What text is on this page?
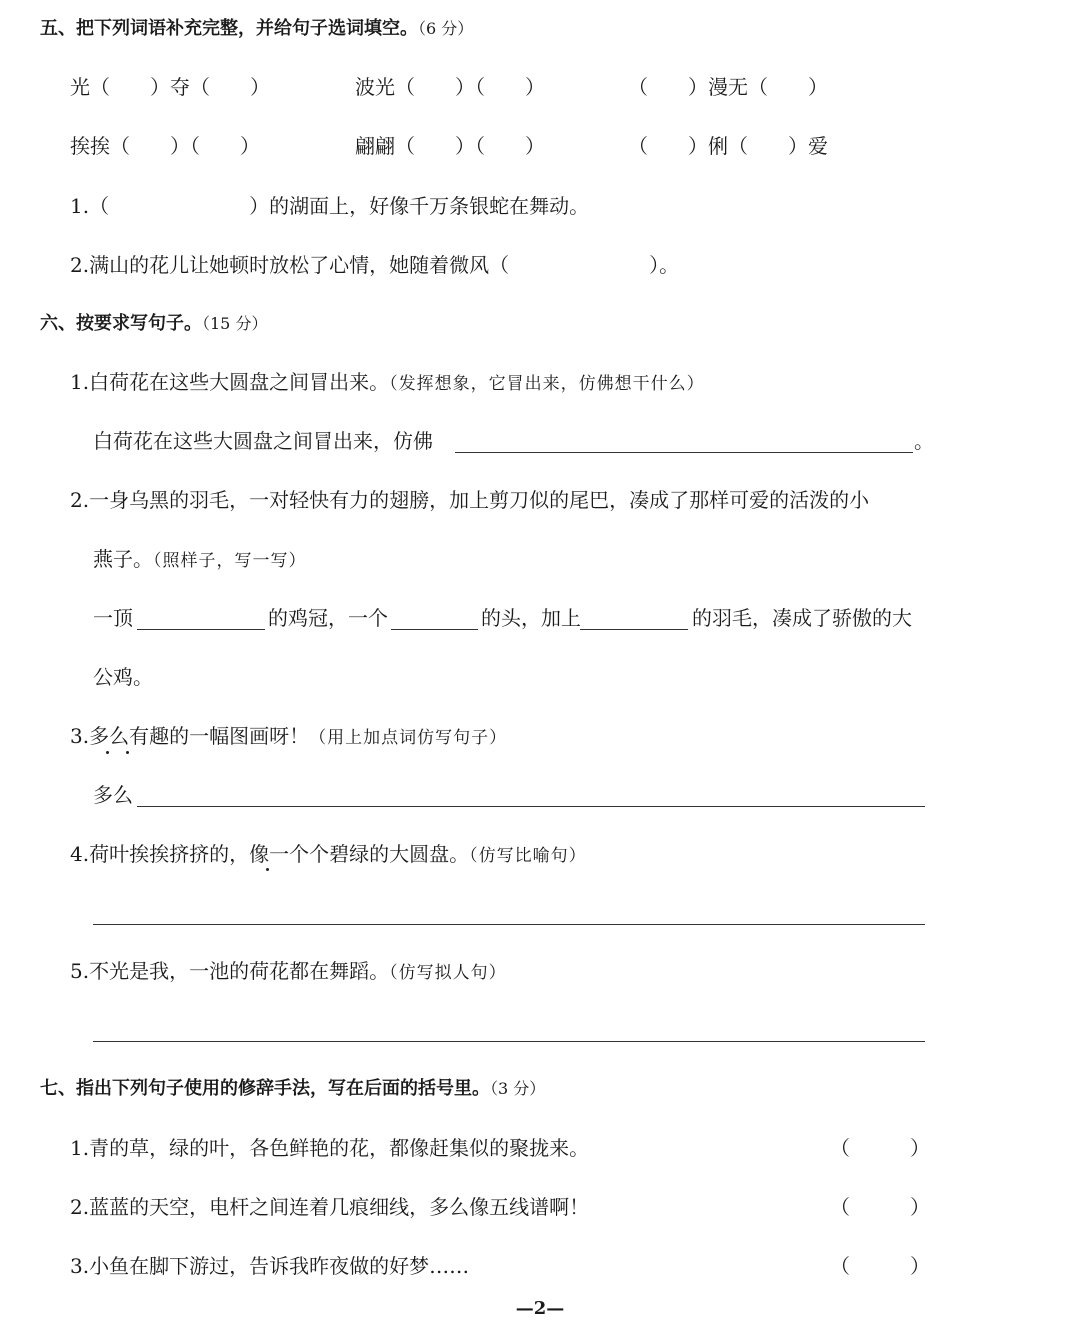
五、把下列词语补充完整，并给句子选词填空。（6 分）
光（　　）夺（　　）	波光（　　）（　　）	（　　）漫无（　　）
挨挨（　　）（　　）	翩翩（　　）（　　）	（　　）俐（　　）爱
1.（　　　　　　　）的湖面上，好像千万条银蛇在舞动。
2.满山的花儿让她顿时放松了心情，她随着微风（　　　　　　　）。
六、按要求写句子。（15 分）
1.白荷花在这些大圆盘之间冒出来。（发挥想象，它冒出来，仿佛想干什么）
白荷花在这些大圆盘之间冒出来，仿佛	。
2.一身乌黑的羽毛，一对轻快有力的翅膀，加上剪刀似的尾巴，凑成了那样可爱的活泼的小
燕子。（照样子，写一写）
一顶	的鸡冠，一个	的头，加上	的羽毛，凑成了骄傲的大
公鸡。
3.多么有趣的一幅图画呀！（用上加点词仿写句子）
多么
4.荷叶挨挨挤挤的，像一个个碧绿的大圆盘。（仿写比喻句）
5.不光是我，一池的荷花都在舞蹈。（仿写拟人句）
七、指出下列句子使用的修辞手法，写在后面的括号里。（3 分）
1.青的草，绿的叶，各色鲜艳的花，都像赶集似的聚拢来。	（　　　）
2.蓝蓝的天空，电杆之间连着几痕细线，多么像五线谱啊！	（　　　）
3.小鱼在脚下游过，告诉我昨夜做的好梦……	（　　　）
—2—
